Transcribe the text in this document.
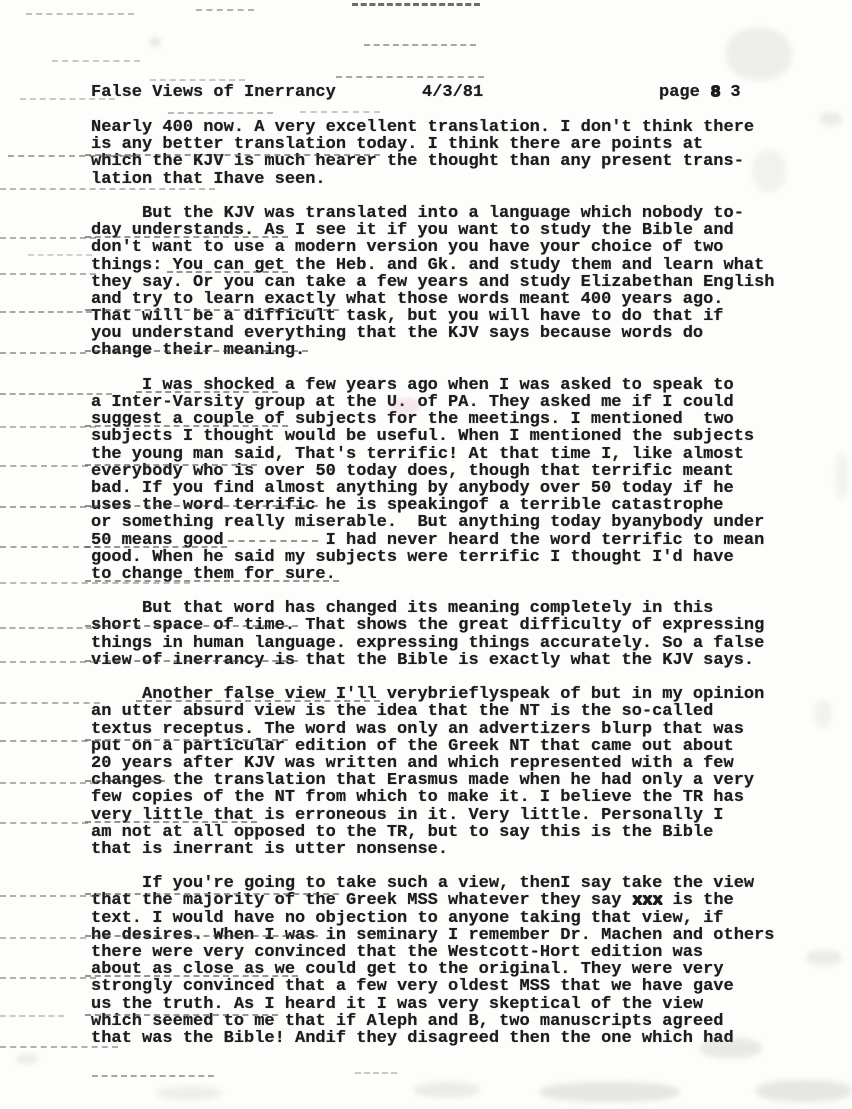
False Views of Inerrancy	4/3/81	page 8 3
Nearly 400 now. A very excellent translation. I don't think there
is any better translation today. I think there are points at
which the KJV is much hearer the thought than any present trans-
lation that Ihave seen.
But the KJV was translated into a language which nobody to-
day understands. As I see it if you want to study the Bible and
don't want to use a modern version you have your choice of two
things: You can get the Heb. and Gk. and study them and learn what
they say. Or you can take a few years and study Elizabethan English
and try to learn exactly what those words meant 400 years ago.
That will be a difficult task, but you will have to do that if
you understand everything that the KJV says because words do
change their meaning.
I was shocked a few years ago when I was asked to speak to
a Inter-Varsity group at the U. of PA. They asked me if I could
suggest a couple of subjects for the meetings. I mentioned  two
subjects I thought would be useful. When I mentioned the subjects
the young man said, That's terrific! At that time I, like almost
everybody who is over 50 today does, though that terrific meant
bad. If you find almost anything by anybody over 50 today if he
uses the word terrific he is speakingof a terrible catastrophe
or something really miserable.  But anything today byanybody under
50 means good	I had never heard the word terrific to mean
good. When he said my subjects were terrific I thought I'd have
to change them for sure.
But that word has changed its meaning completely in this
short space of time. That shows the great difficulty of expressing
things in human language. expressing things accurately. So a false
view of inerrancy is that the Bible is exactly what the KJV says.
Another false view I'll verybrieflyspeak of but in my opinion
an utter absurd view is the idea that the NT is the so-called
textus receptus. The word was only an advertizers blurp that was
put on a particular edition of the Greek NT that came out about
20 years after KJV was written and which represented with a few
changes the translation that Erasmus made when he had only a very
few copies of the NT from which to make it. I believe the TR has
very little that is erroneous in it. Very little. Personally I
am not at all opposed to the TR, but to say this is the Bible
that is inerrant is utter nonsense.
If you're going to take such a view, thenI say take the view
that the majority of the Greek MSS whatever they say xxx is the
text. I would have no objection to anyone taking that view, if
he desires. When I was in seminary I remember Dr. Machen and others
there were very convinced that the Westcott-Hort edition was
about as close as we could get to the original. They were very
strongly convinced that a few very oldest MSS that we have gave
us the truth. As I heard it I was very skeptical of the view
which seemed to me that if Aleph and B, two manuscripts agreed
that was the Bible! Andif they disagreed then the one which had
